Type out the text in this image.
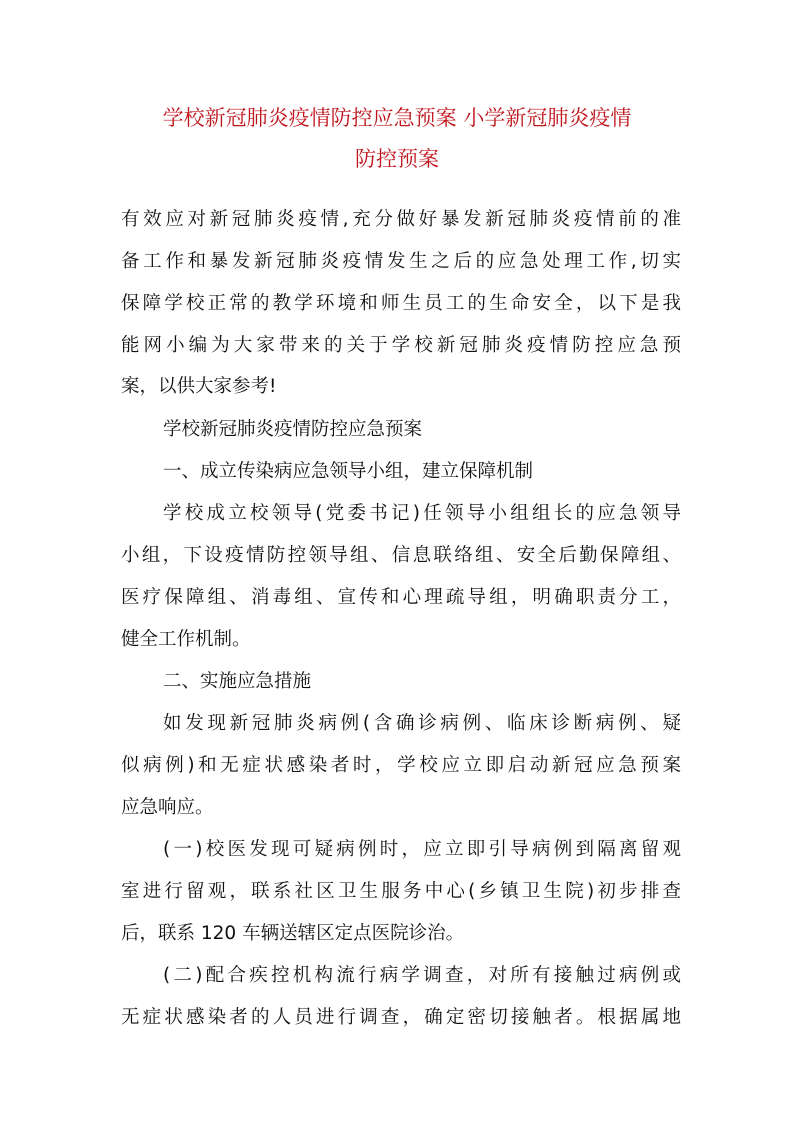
学校新冠肺炎疫情防控应急预案 小学新冠肺炎疫情
防控预案
有效应对新冠肺炎疫情,充分做好暴发新冠肺炎疫情前的准
备工作和暴发新冠肺炎疫情发生之后的应急处理工作,切实
保障学校正常的教学环境和师生员工的生命安全，以下是我
能网小编为大家带来的关于学校新冠肺炎疫情防控应急预
案，以供大家参考!
学校新冠肺炎疫情防控应急预案
一、成立传染病应急领导小组，建立保障机制
学校成立校领导(党委书记)任领导小组组长的应急领导
小组，下设疫情防控领导组、信息联络组、安全后勤保障组、
医疗保障组、消毒组、宣传和心理疏导组，明确职责分工，
健全工作机制。
二、实施应急措施
如发现新冠肺炎病例(含确诊病例、临床诊断病例、疑
似病例)和无症状感染者时，学校应立即启动新冠应急预案
应急响应。
(一)校医发现可疑病例时，应立即引导病例到隔离留观
室进行留观，联系社区卫生服务中心(乡镇卫生院)初步排查
后，联系 120 车辆送辖区定点医院诊治。
(二)配合疾控机构流行病学调查，对所有接触过病例或
无症状感染者的人员进行调查，确定密切接触者。根据属地
